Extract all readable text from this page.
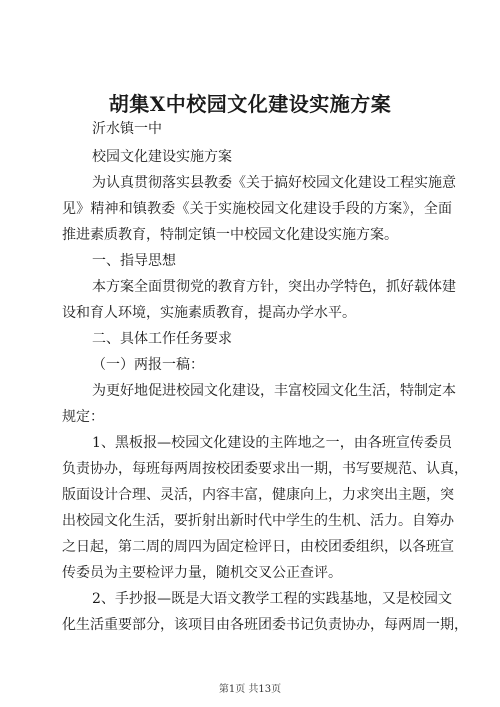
胡集X中校园文化建设实施方案
沂水镇一中
校园文化建设实施方案
为认真贯彻落实县教委《关于搞好校园文化建设工程实施意
见》精神和镇教委《关于实施校园文化建设手段的方案》，全面
推进素质教育，特制定镇一中校园文化建设实施方案。
一、指导思想
本方案全面贯彻党的教育方针，突出办学特色，抓好载体建
设和育人环境，实施素质教育，提高办学水平。
二、具体工作任务要求
（一）两报一稿：
为更好地促进校园文化建设，丰富校园文化生活，特制定本
规定：
1、黑板报—校园文化建设的主阵地之一，由各班宣传委员
负责协办，每班每两周按校团委要求出一期，书写要规范、认真，
版面设计合理、灵活，内容丰富，健康向上，力求突出主题，突
出校园文化生活，要折射出新时代中学生的生机、活力。自筹办
之日起，第二周的周四为固定检评日，由校团委组织，以各班宣
传委员为主要检评力量，随机交叉公正查评。
2、手抄报—既是大语文教学工程的实践基地，又是校园文
化生活重要部分，该项目由各班团委书记负责协办，每两周一期，
第1页 共13页
